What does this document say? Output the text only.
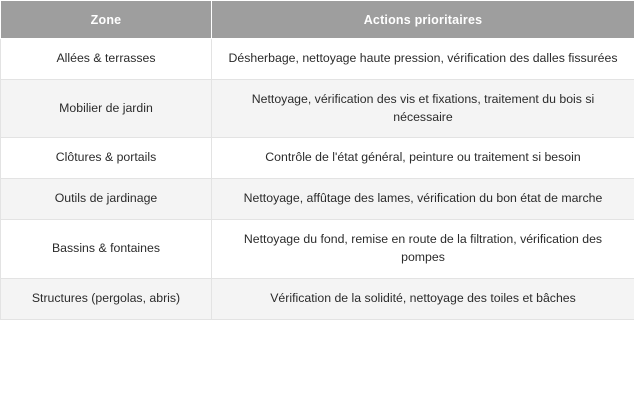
Zone	Actions prioritaires
Allées & terrasses	Désherbage, nettoyage haute pression, vérification des dalles fissurées
Mobilier de jardin	Nettoyage, vérification des vis et fixations, traitement du bois si nécessaire
Clôtures & portails	Contrôle de l'état général, peinture ou traitement si besoin
Outils de jardinage	Nettoyage, affûtage des lames, vérification du bon état de marche
Bassins & fontaines	Nettoyage du fond, remise en route de la filtration, vérification des pompes
Structures (pergolas, abris)	Vérification de la solidité, nettoyage des toiles et bâches
